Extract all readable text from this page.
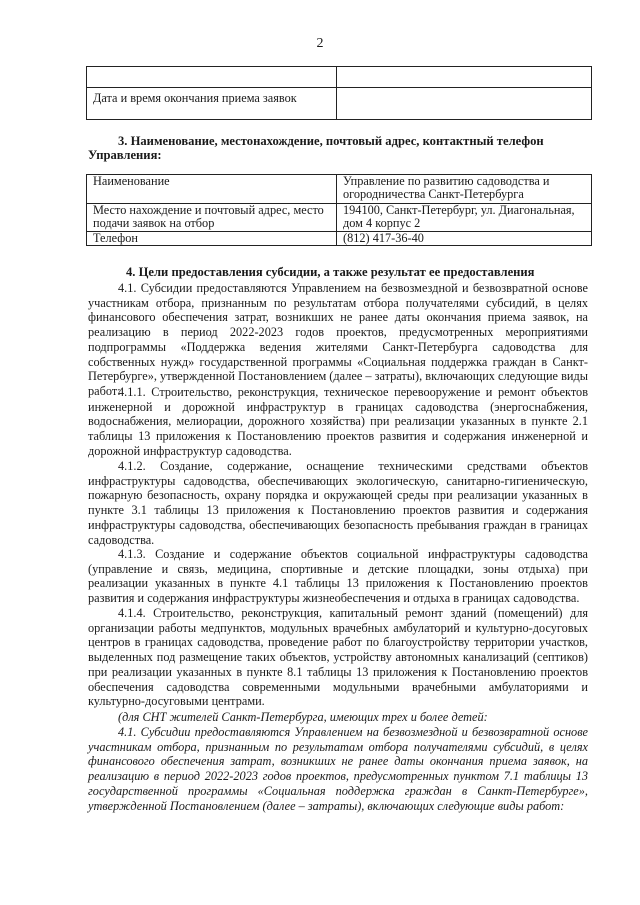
2

Дата и время окончания приема заявок	
3. Наименование, местонахождение, почтовый адрес, контактный телефон
Управления:
Наименование	Управление по развитию садоводства и огородничества Санкт-Петербурга
Место нахождение и почтовый адрес, место подачи заявок на отбор	194100, Санкт-Петербург, ул. Диагональная, дом 4 корпус 2
Телефон	(812) 417-36-40
4. Цели предоставления субсидии, а также результат ее предоставления
4.1. Субсидии предоставляются Управлением на безвозмездной и безвозвратной основе участникам отбора, признанным по результатам отбора получателями субсидий, в целях финансового обеспечения затрат, возникших не ранее даты окончания приема заявок, на реализацию в период 2022-2023 годов проектов, предусмотренных мероприятиями подпрограммы «Поддержка ведения жителями Санкт-Петербурга садоводства для собственных нужд» государственной программы «Социальная поддержка граждан в Санкт-Петербурге», утвержденной Постановлением (далее – затраты), включающих следующие виды работ:
4.1.1. Строительство, реконструкция, техническое перевооружение и ремонт объектов инженерной и дорожной инфраструктур в границах садоводства (энергоснабжения, водоснабжения, мелиорации, дорожного хозяйства) при реализации указанных в пункте 2.1 таблицы 13 приложения к Постановлению проектов развития и содержания инженерной и дорожной инфраструктур садоводства.
4.1.2. Создание, содержание, оснащение техническими средствами объектов инфраструктуры садоводства, обеспечивающих экологическую, санитарно-гигиеническую, пожарную безопасность, охрану порядка и окружающей среды при реализации указанных в пункте 3.1 таблицы 13 приложения к Постановлению проектов развития и содержания инфраструктуры садоводства, обеспечивающих безопасность пребывания граждан в границах садоводства.
4.1.3. Создание и содержание объектов социальной инфраструктуры садоводства (управление и связь, медицина, спортивные и детские площадки, зоны отдыха) при реализации указанных в пункте 4.1 таблицы 13 приложения к Постановлению проектов развития и содержания инфраструктуры жизнеобеспечения и отдыха в границах садоводства.
4.1.4. Строительство, реконструкция, капитальный ремонт зданий (помещений) для организации работы медпунктов, модульных врачебных амбулаторий и культурно-досуговых центров в границах садоводства, проведение работ по благоустройству территории участков, выделенных под размещение таких объектов, устройству автономных канализаций (септиков) при реализации указанных в пункте 8.1 таблицы 13 приложения к Постановлению проектов обеспечения садоводства современными модульными врачебными амбулаториями и культурно-досуговыми центрами.
(для СНТ жителей Санкт-Петербурга, имеющих трех и более детей:
4.1. Субсидии предоставляются Управлением на безвозмездной и безвозвратной основе участникам отбора, признанным по результатам отбора получателями субсидий, в целях финансового обеспечения затрат, возникших не ранее даты окончания приема заявок, на реализацию в период 2022-2023 годов проектов, предусмотренных пунктом 7.1 таблицы 13 государственной программы «Социальная поддержка граждан в Санкт-Петербурге», утвержденной Постановлением (далее – затраты), включающих следующие виды работ:
